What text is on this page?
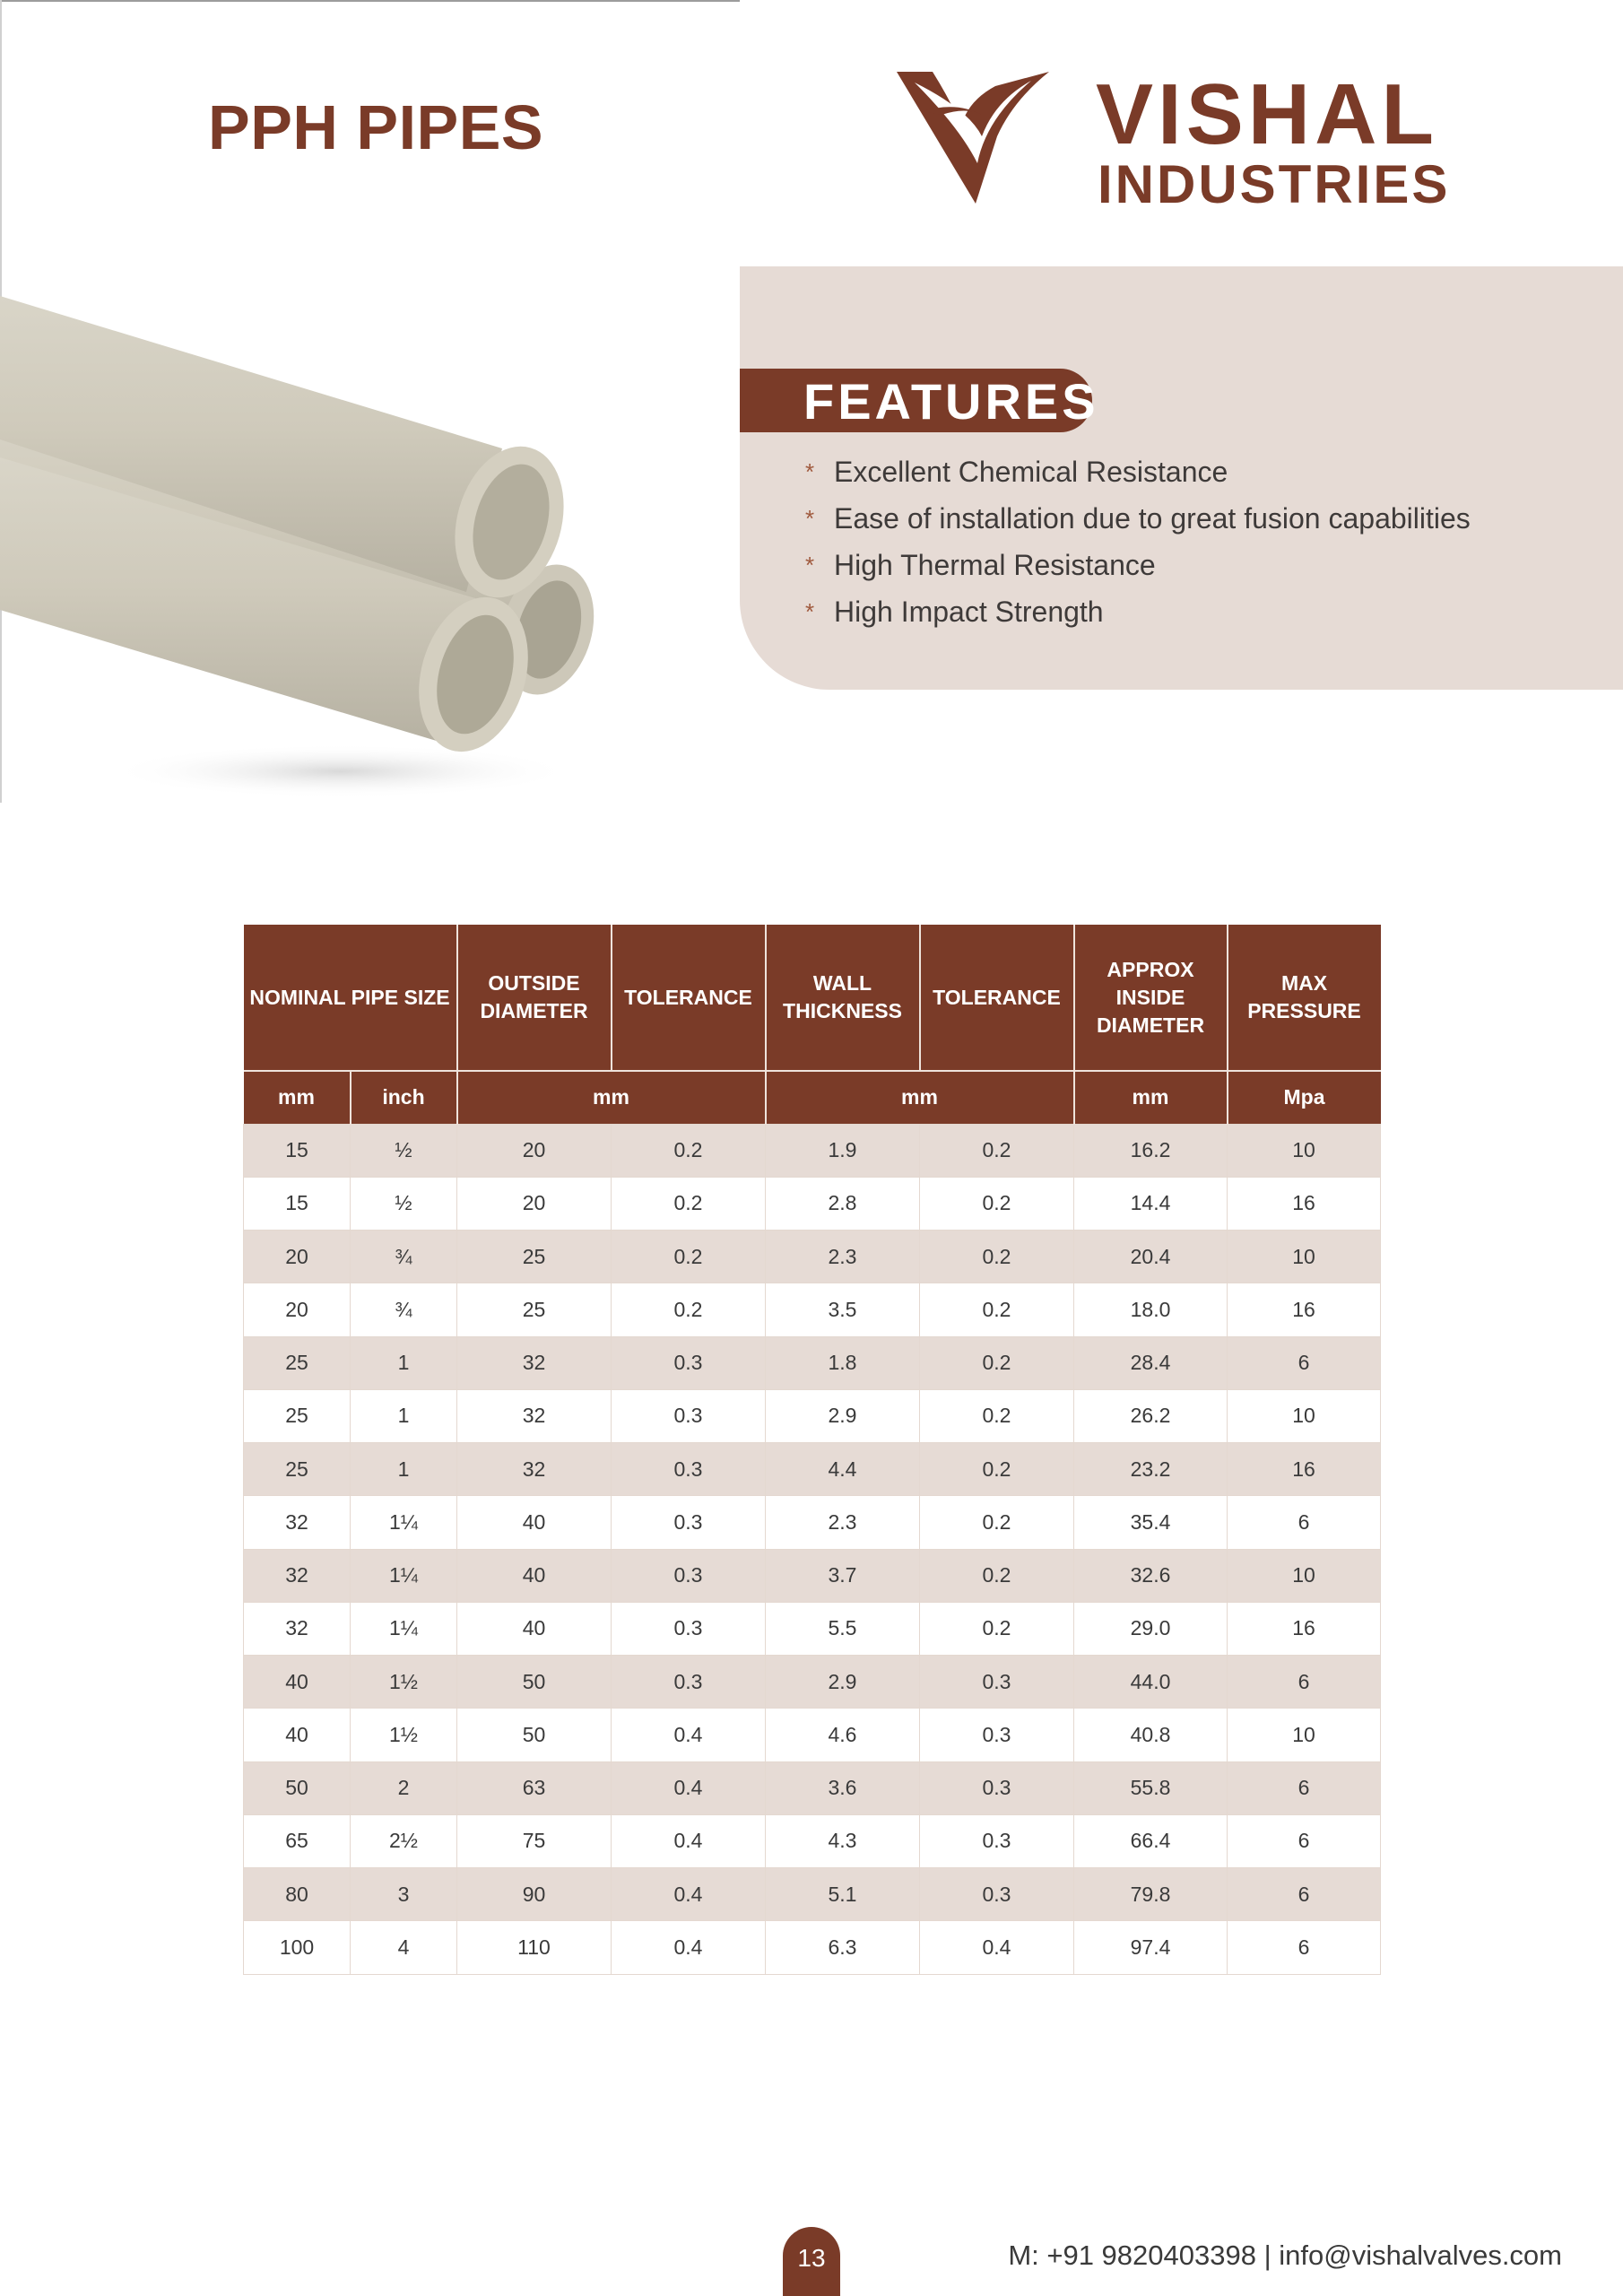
PPH PIPES	VISHAL
INDUSTRIES
FEATURES
* Excellent Chemical Resistance
* Ease of installation due to great fusion capabilities
* High Thermal Resistance
* High Impact Strength
NOMINAL PIPE SIZE		OUTSIDE DIAMETER	TOLERANCE	WALL THICKNESS	TOLERANCE	APPROX INSIDE DIAMETER	MAX PRESSURE
mm	inch	mm		mm		mm	Mpa
15	½	20	0.2	1.9	0.2	16.2	10
15	½	20	0.2	2.8	0.2	14.4	16
20	¾	25	0.2	2.3	0.2	20.4	10
20	¾	25	0.2	3.5	0.2	18.0	16
25	1	32	0.3	1.8	0.2	28.4	6
25	1	32	0.3	2.9	0.2	26.2	10
25	1	32	0.3	4.4	0.2	23.2	16
32	1¼	40	0.3	2.3	0.2	35.4	6
32	1¼	40	0.3	3.7	0.2	32.6	10
32	1¼	40	0.3	5.5	0.2	29.0	16
40	1½	50	0.3	2.9	0.3	44.0	6
40	1½	50	0.4	4.6	0.3	40.8	10
50	2	63	0.4	3.6	0.3	55.8	6
65	2½	75	0.4	4.3	0.3	66.4	6
80	3	90	0.4	5.1	0.3	79.8	6
100	4	110	0.4	6.3	0.4	97.4	6
13	M: +91 9820403398 | info@vishalvalves.com
